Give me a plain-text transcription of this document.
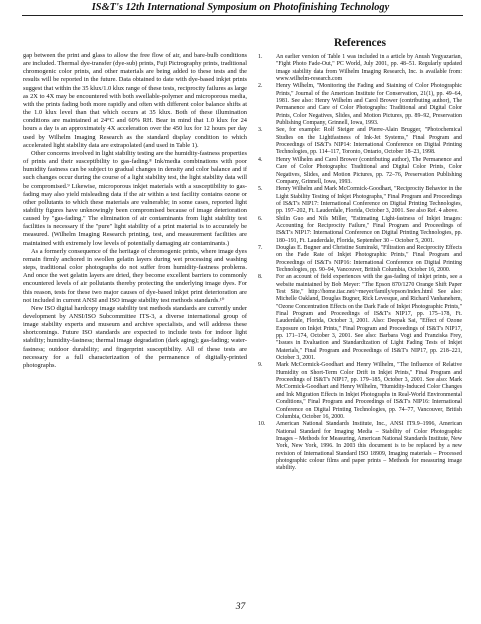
IS&T's 12th International Symposium on Photofinishing Technology

gap between the print and glass to allow the free flow of air, and bare-bulb conditions are included. Thermal dye-transfer (dye-sub) prints, Fuji Pictrography prints, traditional chromogenic color prints, and other materials are being added to these tests and the results will be reported in the future. Data obtained to date with dye-based inkjet prints suggest that within the 35 klux/1.0 klux range of these tests, reciprocity failures as large as 2X to 4X may be encountered with both swellable-polymer and microporous media, with the prints fading both more rapidly and often with different color balance shifts at the 1.0 klux level than that which occurs at 35 klux. Both of these illumination conditions are maintained at 24°C and 60% RH. Bear in mind that 1.0 klux for 24 hours a day is an approximately 4X acceleration over the 450 lux for 12 hours per day used by Wilhelm Imaging Research as the standard display condition to which accelerated light stability data are extrapolated (and used in Table 1).

Other concerns involved in light stability testing are the humidity-fastness properties of prints and their susceptibility to gas-fading.⁸ Ink/media combinations with poor humidity fastness can be subject to gradual changes in density and color balance and if such changes occur during the course of a light stability test, the light stability data will be compromised.⁹ Likewise, microporous inkjet materials with a susceptibility to gas-fading may also yield misleading data if the air within a test facility contains ozone or other pollutants to which these materials are vulnerable; in some cases, reported light stability figures have unknowingly been compromised because of image deterioration caused by "gas-fading." The elimination of air contaminants from light stability test facilities is necessary if the "pure" light stability of a print material is to accurately be measured. (Wilhelm Imaging Research printing, test, and measurement facilities are maintained with extremely low levels of potentially damaging air contaminants.)

As a formerly consequence of the heritage of chromogenic prints, where image dyes remain firmly anchored in swollen gelatin layers during wet processing and washing steps, traditional color photographs do not suffer from humidity-fastness problems. And once the wet gelatin layers are dried, they become excellent barriers to commonly encountered levels of air pollutants thereby protecting the underlying image dyes. For this reason, tests for these two major causes of dye-based inkjet print deterioration are not included in current ANSI and ISO image stability test methods standards.¹⁰

New ISO digital hardcopy image stability test methods standards are currently under development by ANSI/ISO Subcommittee ITS-3, a diverse international group of image stability experts and museum and archive specialists, and will address these shortcomings. Future ISO standards are expected to include tests for indoor light stability; humidity-fastness; thermal image degradation (dark aging); gas-fading; water-fastness; outdoor durability; and fingerprint susceptibility. All of these tests are necessary for a full characterization of the permanence of digitally-printed photographs.

References
1. An earlier version of Table 1 was included in a article by Anush Yegyazarian, "Fight Photo Fade-Out," PC World, July 2001, pp. 48–51. Regularly updated image stability data from Wilhelm Imaging Research, Inc. is available from: www.wilhelm-research.com
2. Henry Wilhelm, "Monitoring the Fading and Staining of Color Photographic Prints," Journal of the American Institute for Conservation, 21(1), pp. 49–64, 1981. See also: Henry Wilhelm and Carol Brower (contributing author), The Permanence and Care of Color Photographs: Traditional and Digital Color Prints, Color Negatives, Slides, and Motion Pictures, pp. 89–92, Preservation Publishing Company, Grinnell, Iowa, 1993.
3. See, for example: Rolf Steiger and Pierre-Alain Brugger, "Photochemical Studies on the Lightfastness of Ink-Jet Systems," Final Program and Proceedings of IS&T's NIP14: International Conference on Digital Printing Technologies, pp. 114–117, Toronto, Ontario, October 18–23, 1998.
4. Henry Wilhelm and Carol Brower (contributing author), The Permanence and Care of Color Photographs: Traditional and Digital Color Prints, Color Negatives, Slides, and Motion Pictures, pp. 72–76, Preservation Publishing Company, Grinnell, Iowa, 1993.
5. Henry Wilhelm and Mark McCormick-Goodhart, "Reciprocity Behavior in the Light Stability Testing of Inkjet Photographs," Final Program and Proceedings of IS&T's NIP17: International Conference on Digital Printing Technologies, pp. 197–202, Ft. Lauderdale, Florida, October 3, 2001. See also Ref. 4 above.
6. Shilin Guo and Nils Miller, "Estimating Light-fastness of Inkjet Images: Accounting for Reciprocity Failure," Final Program and Proceedings of IS&T's NIP17: International Conference on Digital Printing Technologies, pp. 180–191, Ft. Lauderdale, Florida, September 30 – October 5, 2001.
7. Douglas E. Bugner and Christine Suminski, "Filtration and Reciprocity Effects on the Fade Rate of Inkjet Photographic Prints," Final Program and Proceedings of IS&T's NIP16: International Conference on Digital Printing Technologies, pp. 90–94, Vancouver, British Columbia, October 16, 2000.
8. For an account of field experiences with the gas-fading of inkjet prints, see a website maintained by Bob Meyer: "The Epson 870/1270 Orange Shift Paper Test Site," http://home.tiac.net/~meyer/family/epson/index.html See also: Michelle Oakland, Douglas Bugner, Rick Levesque, and Richard Vanhanehem, "Ozone Concentration Effects on the Dark Fade of Inkjet Photographic Prints," Final Program and Proceedings of IS&T's NIP17, pp. 175–178, Ft. Lauderdale, Florida, October 3, 2001. Also: Deepak Sai, "Effect of Ozone Exposure on Inkjet Prints," Final Program and Proceedings of IS&T's NIP17, pp. 171–174, October 3, 2001. See also: Barbara Vogt and Franziska Frey, "Issues in Evaluation and Standardization of Light Fading Tests of Inkjet Materials," Final Program and Proceedings of IS&T's NIP17, pp. 218–221, October 3, 2001.
9. Mark McCormick-Goodhart and Henry Wilhelm, "The Influence of Relative Humidity on Short-Term Color Drift in Inkjet Prints," Final Program and Proceedings of IS&T's NIP17, pp. 179–185, October 3, 2001. See also: Mark McCormick-Goodhart and Henry Wilhelm, "Humidity-Induced Color Changes and Ink Migration Effects in Inkjet Photographs in Real-World Environmental Conditions," Final Program and Proceedings of IS&T's NIP16: International Conference on Digital Printing Technologies, pp. 74–77, Vancouver, British Columbia, October 16, 2000.
10. American National Standards Institute, Inc., ANSI IT9.9–1996, American National Standard for Imaging Media – Stability of Color Photographic Images – Methods for Measuring, American National Standards Institute, New York, New York, 1996. In 2003 this document is to be replaced by a new revision of International Standard ISO 18909, Imaging materials – Processed photographic colour films and paper prints – Methods for measuring image stability.
37
